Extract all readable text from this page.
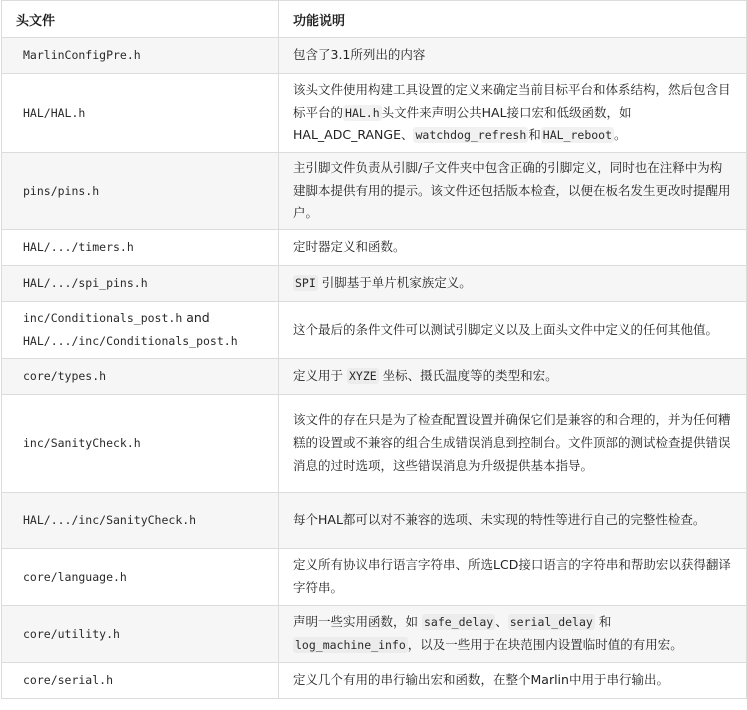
头文件	功能说明
MarlinConfigPre.h	包含了3.1所列出的内容
HAL/HAL.h	该头文件使用构建工具设置的定义来确定当前目标平台和体系结构，然后包含目标平台的 HAL.h 头文件来声明公共HAL接口宏和低级函数，如HAL_ADC_RANGE、 watchdog_refresh 和 HAL_reboot 。
pins/pins.h	主引脚文件负责从引脚/子文件夹中包含正确的引脚定义，同时也在注释中为构建脚本提供有用的提示。该文件还包括版本检查，以便在板名发生更改时提醒用户。
HAL/.../timers.h	定时器定义和函数。
HAL/.../spi_pins.h	SPI 引脚基于单片机家族定义。
inc/Conditionals_post.h and HAL/.../inc/Conditionals_post.h	这个最后的条件文件可以测试引脚定义以及上面头文件中定义的任何其他值。
core/types.h	定义用于 XYZE 坐标、摄氏温度等的类型和宏。
inc/SanityCheck.h	该文件的存在只是为了检查配置设置并确保它们是兼容的和合理的，并为任何糟糕的设置或不兼容的组合生成错误消息到控制台。文件顶部的测试检查提供错误消息的过时选项，这些错误消息为升级提供基本指导。
HAL/.../inc/SanityCheck.h	每个HAL都可以对不兼容的选项、未实现的特性等进行自己的完整性检查。
core/language.h	定义所有协议串行语言字符串、所选LCD接口语言的字符串和帮助宏以获得翻译字符串。
core/utility.h	声明一些实用函数，如 safe_delay 、 serial_delay 和 log_machine_info ，以及一些用于在块范围内设置临时值的有用宏。
core/serial.h	定义几个有用的串行输出宏和函数，在整个Marlin中用于串行输出。
